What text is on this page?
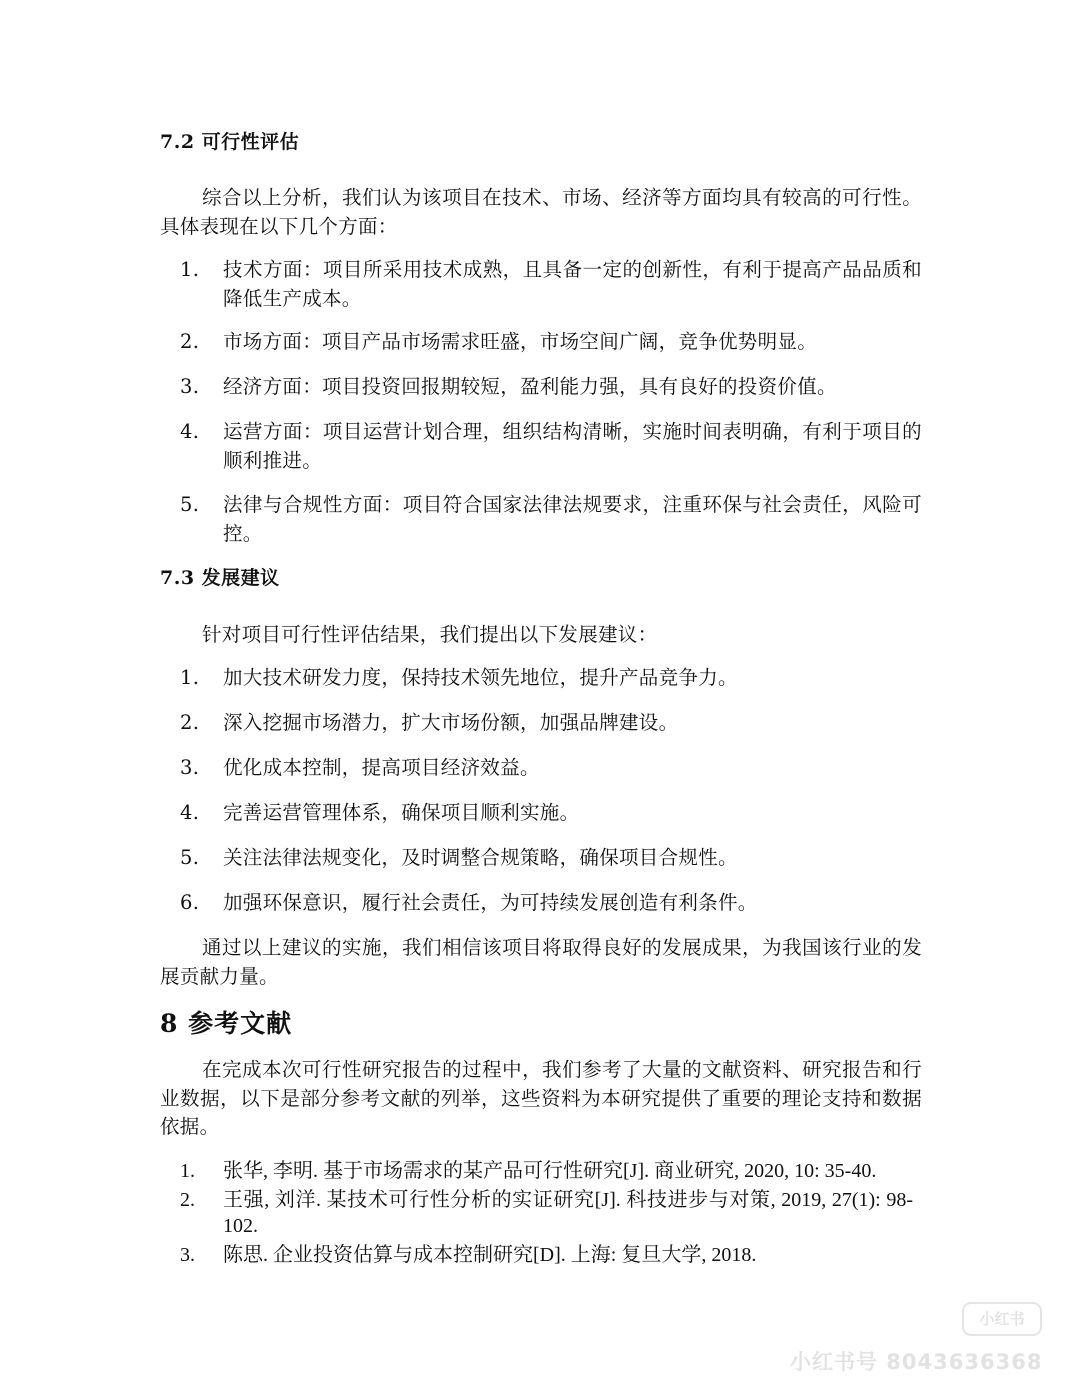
7.2 可行性评估

综合以上分析，我们认为该项目在技术、市场、经济等方面均具有较高的可行性。具体表现在以下几个方面：

1. 技术方面：项目所采用技术成熟，且具备一定的创新性，有利于提高产品品质和降低生产成本。
2. 市场方面：项目产品市场需求旺盛，市场空间广阔，竞争优势明显。
3. 经济方面：项目投资回报期较短，盈利能力强，具有良好的投资价值。
4. 运营方面：项目运营计划合理，组织结构清晰，实施时间表明确，有利于项目的顺利推进。
5. 法律与合规性方面：项目符合国家法律法规要求，注重环保与社会责任，风险可控。
7.3 发展建议

针对项目可行性评估结果，我们提出以下发展建议：

1. 加大技术研发力度，保持技术领先地位，提升产品竞争力。
2. 深入挖掘市场潜力，扩大市场份额，加强品牌建设。
3. 优化成本控制，提高项目经济效益。
4. 完善运营管理体系，确保项目顺利实施。
5. 关注法律法规变化，及时调整合规策略，确保项目合规性。
6. 加强环保意识，履行社会责任，为可持续发展创造有利条件。

通过以上建议的实施，我们相信该项目将取得良好的发展成果，为我国该行业的发展贡献力量。

8 参考文献

在完成本次可行性研究报告的过程中，我们参考了大量的文献资料、研究报告和行业数据，以下是部分参考文献的列举，这些资料为本研究提供了重要的理论支持和数据依据。

1. 张华, 李明. 基于市场需求的某产品可行性研究[J]. 商业研究, 2020, 10: 35-40.
2. 王强, 刘洋. 某技术可行性分析的实证研究[J]. 科技进步与对策, 2019, 27(1): 98-102.
3. 陈思. 企业投资估算与成本控制研究[D]. 上海: 复旦大学, 2018.
小红书
小红书号 8043636368
